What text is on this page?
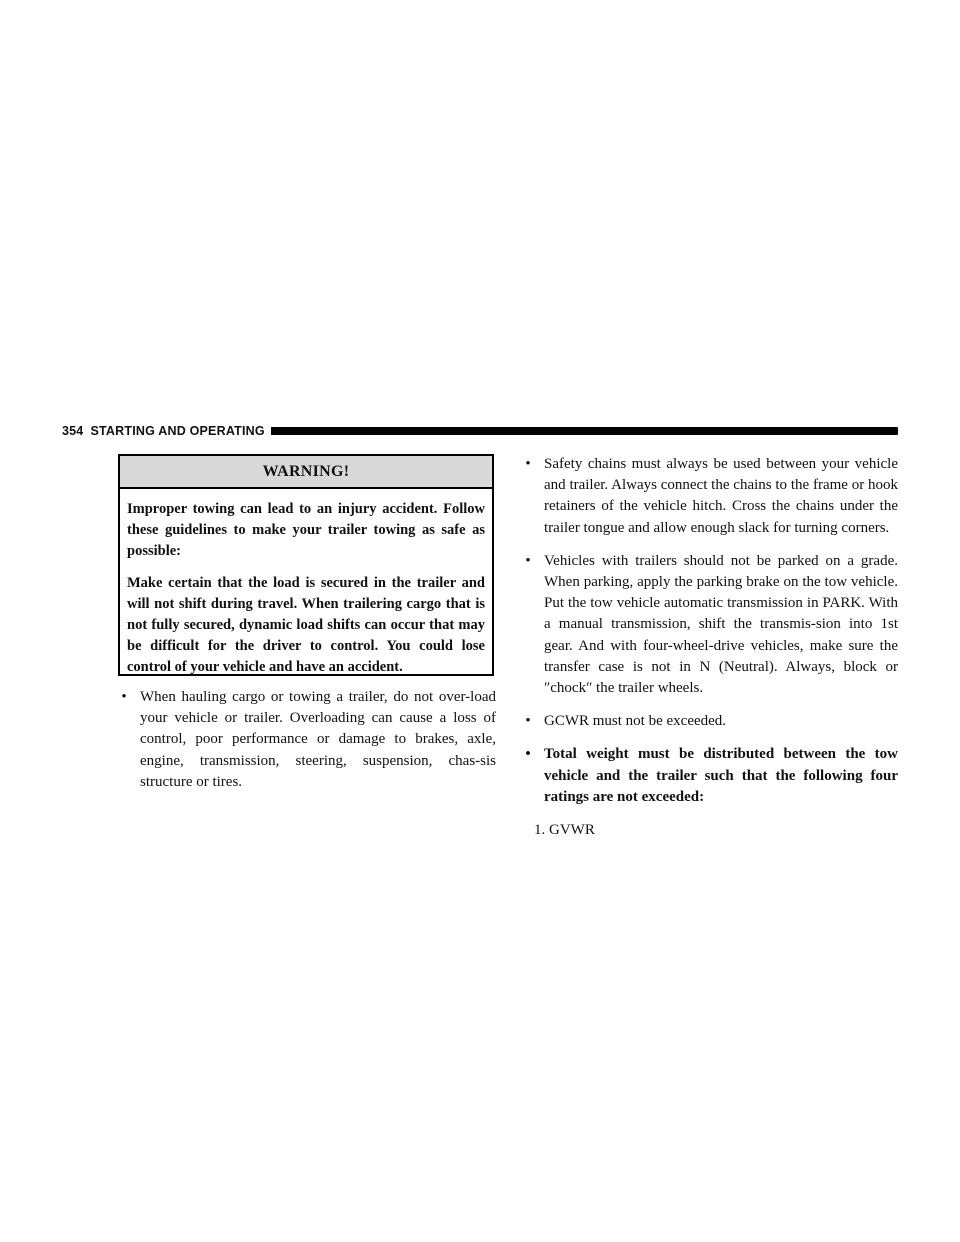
354 STARTING AND OPERATING
WARNING!

Improper towing can lead to an injury accident. Follow these guidelines to make your trailer towing as safe as possible:

Make certain that the load is secured in the trailer and will not shift during travel. When trailering cargo that is not fully secured, dynamic load shifts can occur that may be difficult for the driver to control. You could lose control of your vehicle and have an accident.

• When hauling cargo or towing a trailer, do not over-load your vehicle or trailer. Overloading can cause a loss of control, poor performance or damage to brakes, axle, engine, transmission, steering, suspension, chas-sis structure or tires.
• Safety chains must always be used between your vehicle and trailer. Always connect the chains to the frame or hook retainers of the vehicle hitch. Cross the chains under the trailer tongue and allow enough slack for turning corners.
• Vehicles with trailers should not be parked on a grade. When parking, apply the parking brake on the tow vehicle. Put the tow vehicle automatic transmission in PARK. With a manual transmission, shift the transmis-sion into 1st gear. And with four-wheel-drive vehicles, make sure the transfer case is not in N (Neutral). Always, block or ″chock″ the trailer wheels.
• GCWR must not be exceeded.
• Total weight must be distributed between the tow vehicle and the trailer such that the following four ratings are not exceeded:
1. GVWR
